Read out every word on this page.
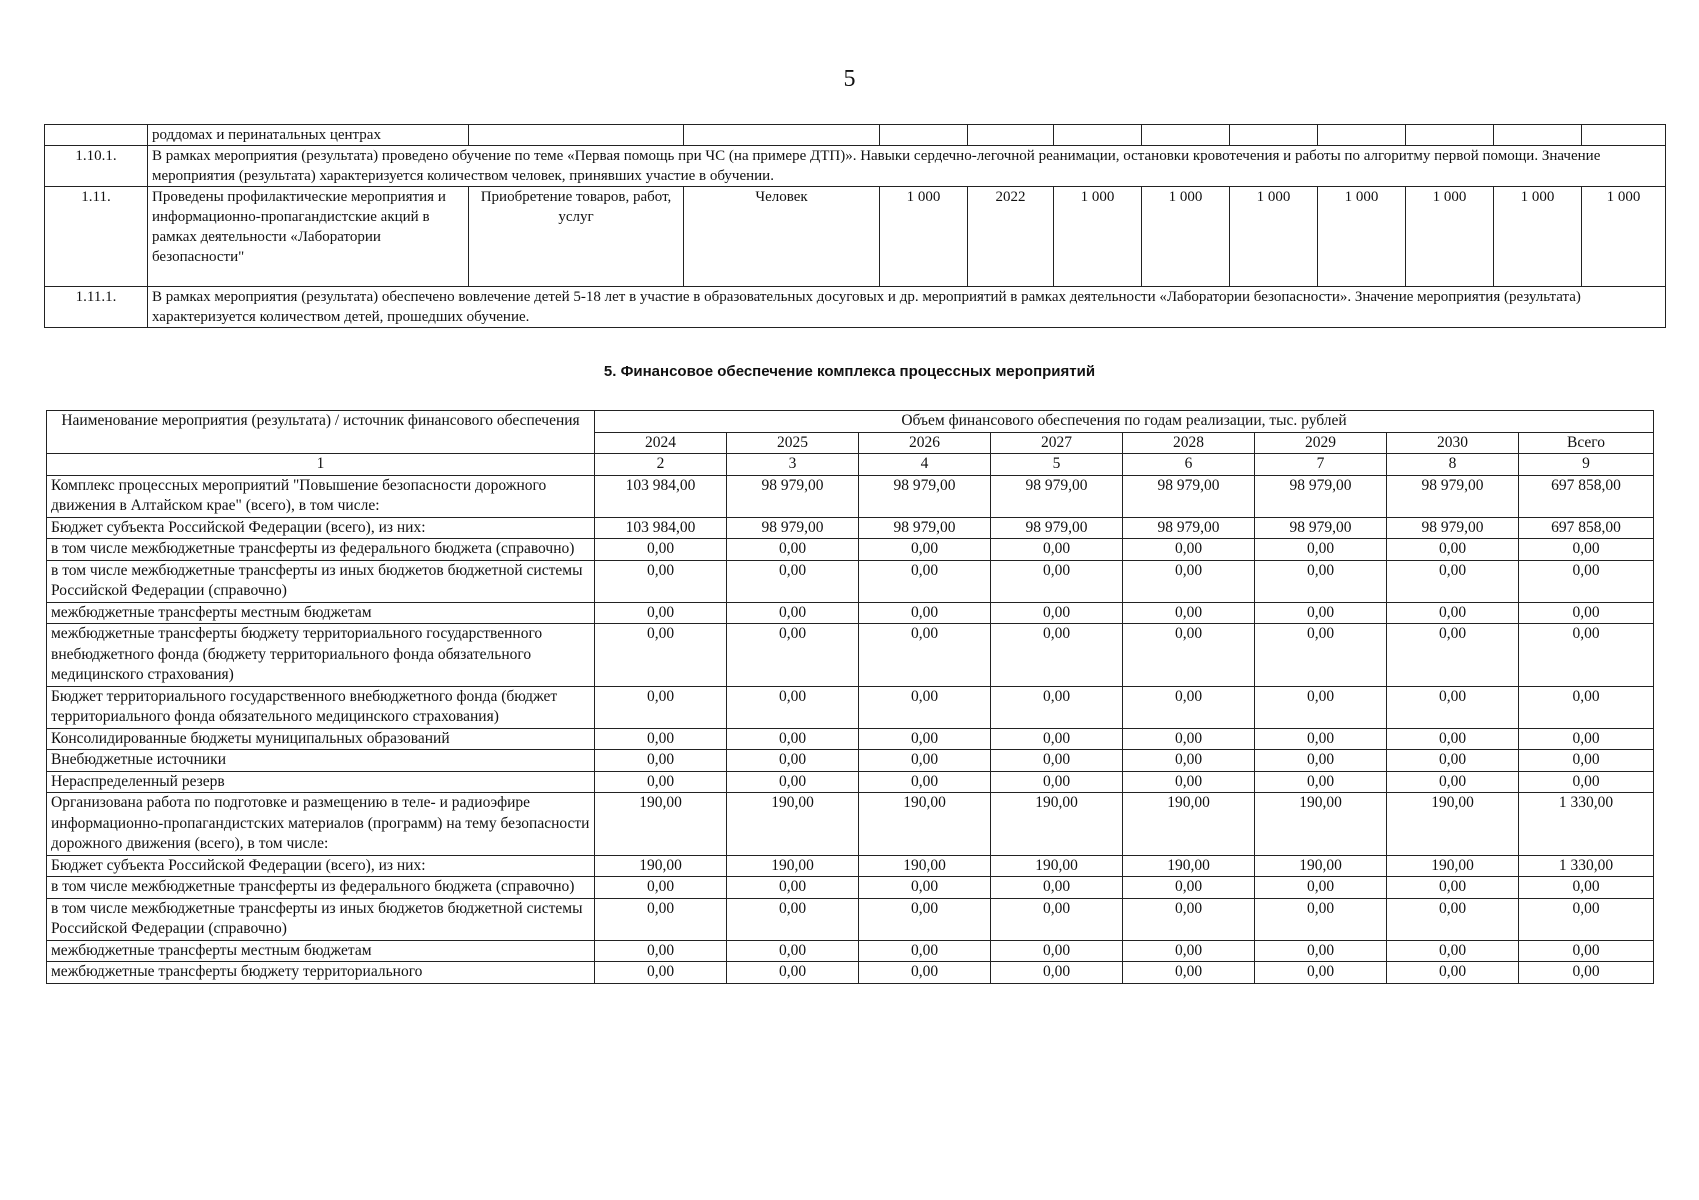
5
	роддомах и перинатальных центрах											
1.10.1.	В рамках мероприятия (результата) проведено обучение по теме «Первая помощь при ЧС (на примере ДТП)». Навыки сердечно-легочной реанимации, остановки кровотечения и работы по алгоритму первой помощи. Значение мероприятия (результата) характеризуется количеством человек, принявших участие в обучении.											
1.11.	Проведены профилактические мероприятия и информационно-пропагандистские акций в рамках деятельности «Лаборатории безопасности"	Приобретение товаров, работ, услуг	Человек	1 000	2022	1 000	1 000	1 000	1 000	1 000	1 000	1 000
1.11.1.	В рамках мероприятия (результата) обеспечено вовлечение детей 5-18 лет в участие в образовательных досуговых и др. мероприятий в рамках деятельности «Лаборатории безопасности». Значение мероприятия (результата) характеризуется количеством детей, прошедших обучение.											
5. Финансовое обеспечение комплекса процессных мероприятий
Наименование мероприятия (результата) / источник финансового обеспечения	Объем финансового обеспечения по годам реализации, тыс. рублей							
	2024	2025	2026	2027	2028	2029	2030	Всего
1	2	3	4	5	6	7	8	9
Комплекс процессных мероприятий "Повышение безопасности дорожного движения в Алтайском крае" (всего), в том числе:	103 984,00	98 979,00	98 979,00	98 979,00	98 979,00	98 979,00	98 979,00	697 858,00
Бюджет субъекта Российской Федерации (всего), из них:	103 984,00	98 979,00	98 979,00	98 979,00	98 979,00	98 979,00	98 979,00	697 858,00
в том числе межбюджетные трансферты из федерального бюджета (справочно)	0,00	0,00	0,00	0,00	0,00	0,00	0,00	0,00
в том числе межбюджетные трансферты из иных бюджетов бюджетной системы Российской Федерации (справочно)	0,00	0,00	0,00	0,00	0,00	0,00	0,00	0,00
межбюджетные трансферты местным бюджетам	0,00	0,00	0,00	0,00	0,00	0,00	0,00	0,00
межбюджетные трансферты бюджету территориального государственного внебюджетного фонда (бюджету территориального фонда обязательного медицинского страхования)	0,00	0,00	0,00	0,00	0,00	0,00	0,00	0,00
Бюджет территориального государственного внебюджетного фонда (бюджет территориального фонда обязательного медицинского страхования)	0,00	0,00	0,00	0,00	0,00	0,00	0,00	0,00
Консолидированные бюджеты муниципальных образований	0,00	0,00	0,00	0,00	0,00	0,00	0,00	0,00
Внебюджетные источники	0,00	0,00	0,00	0,00	0,00	0,00	0,00	0,00
Нераспределенный резерв	0,00	0,00	0,00	0,00	0,00	0,00	0,00	0,00
Организована работа по подготовке и размещению в теле- и радиоэфире информационно-пропагандистских материалов (программ) на тему безопасности дорожного движения (всего), в том числе:	190,00	190,00	190,00	190,00	190,00	190,00	190,00	1 330,00
Бюджет субъекта Российской Федерации (всего), из них:	190,00	190,00	190,00	190,00	190,00	190,00	190,00	1 330,00
в том числе межбюджетные трансферты из федерального бюджета (справочно)	0,00	0,00	0,00	0,00	0,00	0,00	0,00	0,00
в том числе межбюджетные трансферты из иных бюджетов бюджетной системы Российской Федерации (справочно)	0,00	0,00	0,00	0,00	0,00	0,00	0,00	0,00
межбюджетные трансферты местным бюджетам	0,00	0,00	0,00	0,00	0,00	0,00	0,00	0,00
межбюджетные трансферты бюджету территориального	0,00	0,00	0,00	0,00	0,00	0,00	0,00	0,00
